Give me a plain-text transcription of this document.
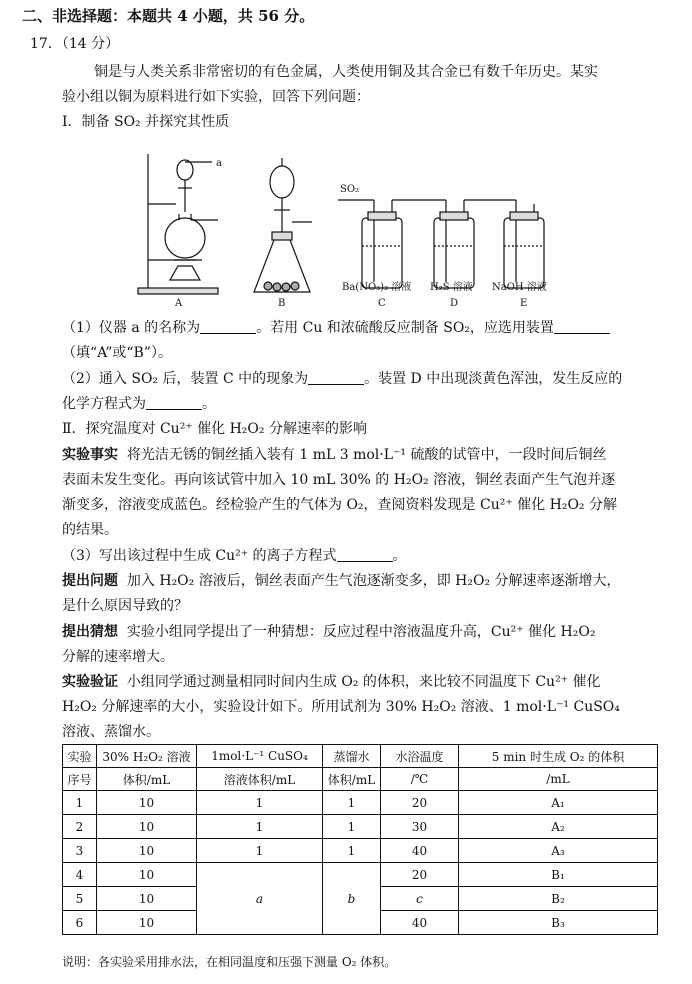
二、非选择题：本题共 4 小题，共 56 分。
17．（14 分）
铜是与人类关系非常密切的有色金属，人类使用铜及其合金已有数千年历史。某实
验小组以铜为原料进行如下实验，回答下列问题：
Ⅰ．制备 SO₂ 并探究其性质
a
SO₂
Ba(NO₃)₂ 溶液 H₂S 溶液 NaOH 溶液
A	B	C	D	E
（1）仪器 a 的名称为	。若用 Cu 和浓硫酸反应制备 SO₂，应选用装置
（填“A”或“B”）。
（2）通入 SO₂ 后，装置 C 中的现象为	。装置 D 中出现淡黄色浑浊，发生反应的
化学方程式为	。
Ⅱ．探究温度对 Cu²⁺ 催化 H₂O₂ 分解速率的影响
实验事实 将光洁无锈的铜丝插入装有 1 mL 3 mol·L⁻¹ 硫酸的试管中，一段时间后铜丝
表面未发生变化。再向该试管中加入 10 mL 30% 的 H₂O₂ 溶液，铜丝表面产生气泡并逐
渐变多，溶液变成蓝色。经检验产生的气体为 O₂，查阅资料发现是 Cu²⁺ 催化 H₂O₂ 分解
的结果。
（3）写出该过程中生成 Cu²⁺ 的离子方程式	。
提出问题 加入 H₂O₂ 溶液后，铜丝表面产生气泡逐渐变多，即 H₂O₂ 分解速率逐渐增大，
是什么原因导致的？
提出猜想 实验小组同学提出了一种猜想：反应过程中溶液温度升高，Cu²⁺ 催化 H₂O₂
分解的速率增大。
实验验证 小组同学通过测量相同时间内生成 O₂ 的体积，来比较不同温度下 Cu²⁺ 催化
H₂O₂ 分解速率的大小，实验设计如下。所用试剂为 30% H₂O₂ 溶液、1 mol·L⁻¹ CuSO₄
溶液、蒸馏水。
实验	30% H₂O₂ 溶液	1mol·L⁻¹ CuSO₄	蒸馏水	水浴温度	5 min 时生成 O₂ 的体积
序号	体积/mL	溶液体积/mL	体积/mL	/℃	/mL
1	10	1	1	20	A₁
2	10	1	1	30	A₂
3	10	1	1	40	A₃
4	10	a	b	20	B₁
5	10			c	B₂
6	10			40	B₃
说明：各实验采用排水法，在相同温度和压强下测量 O₂ 体积。
